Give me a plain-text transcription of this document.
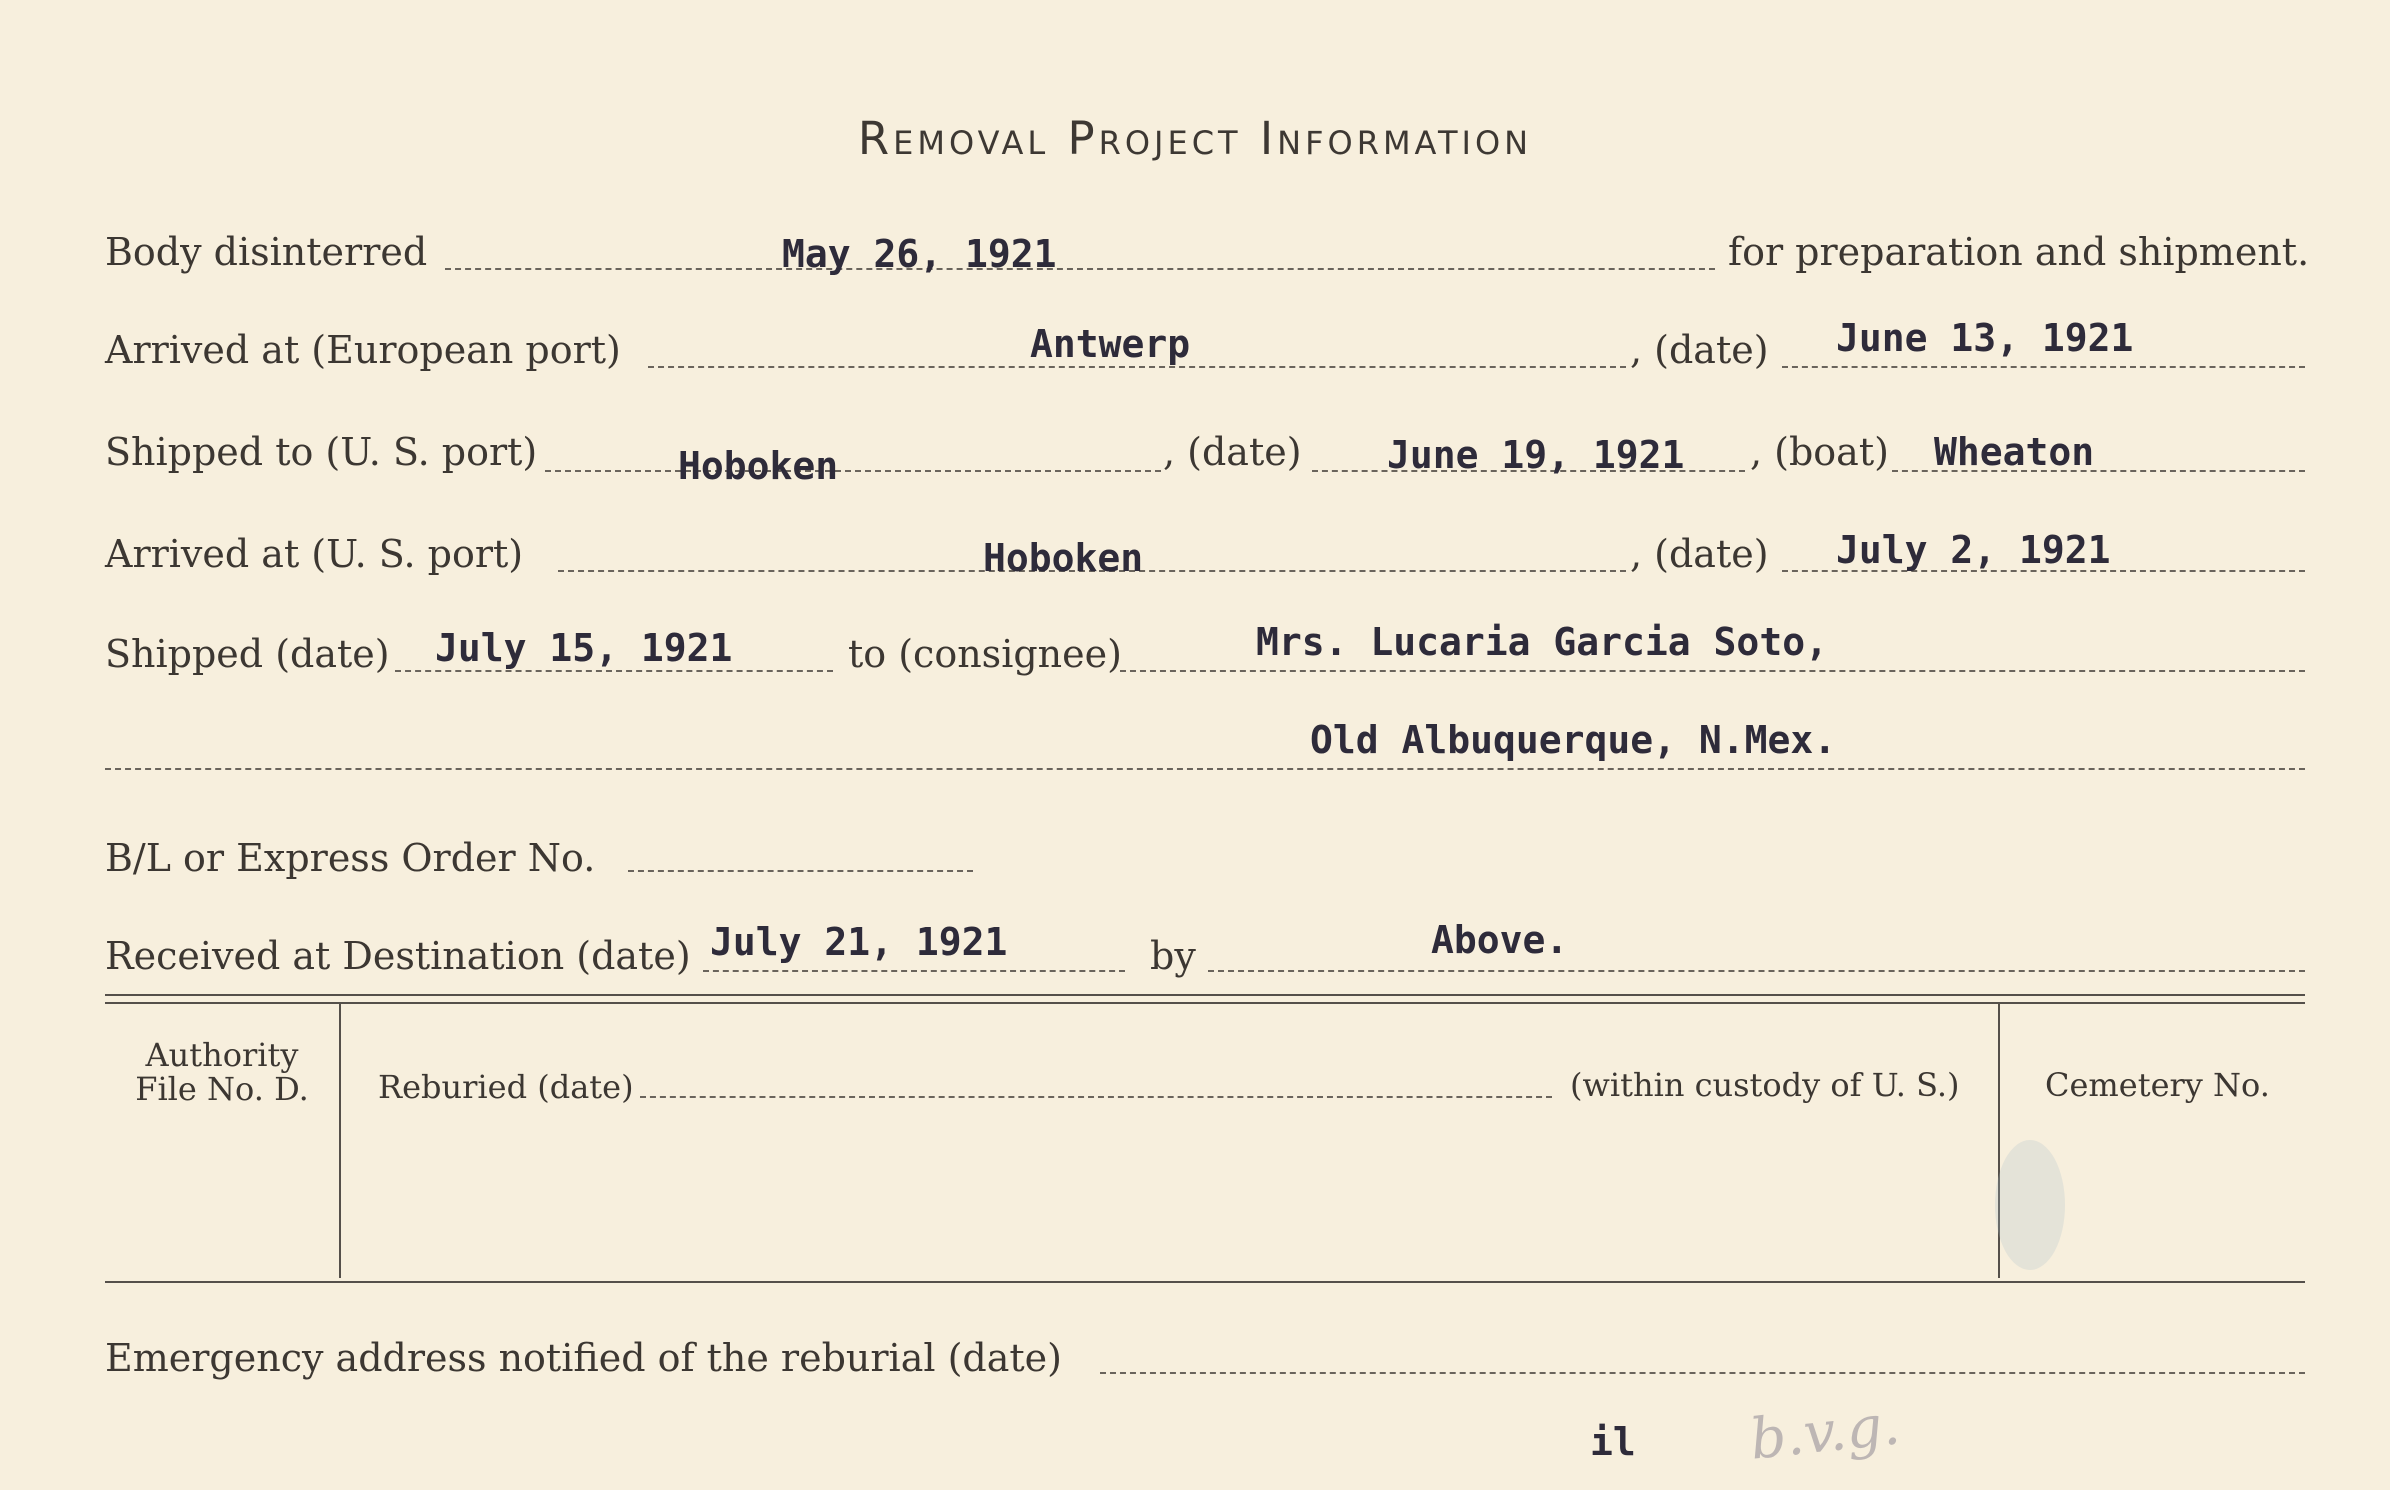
Removal Project Information
Body disinterred	May 26, 1921	for preparation and shipment.
Arrived at (European port)	Antwerp	, (date) June 13, 1921
Shipped to (U. S. port)	Hoboken	, (date) June 19, 1921 , (boat) Wheaton
Arrived at (U. S. port)	Hoboken	, (date) July 2, 1921
Shipped (date) July 15, 1921	to (consignee)	Mrs. Lucaria Garcia Soto,
Old Albuquerque, N.Mex.
B/L or Express Order No.
Received at Destination (date) July 21, 1921	by	Above.
Authority
File No. D.	Reburied (date)	(within custody of U. S.)	Cemetery No.
Emergency address notified of the reburial (date)
il b.v.g.
